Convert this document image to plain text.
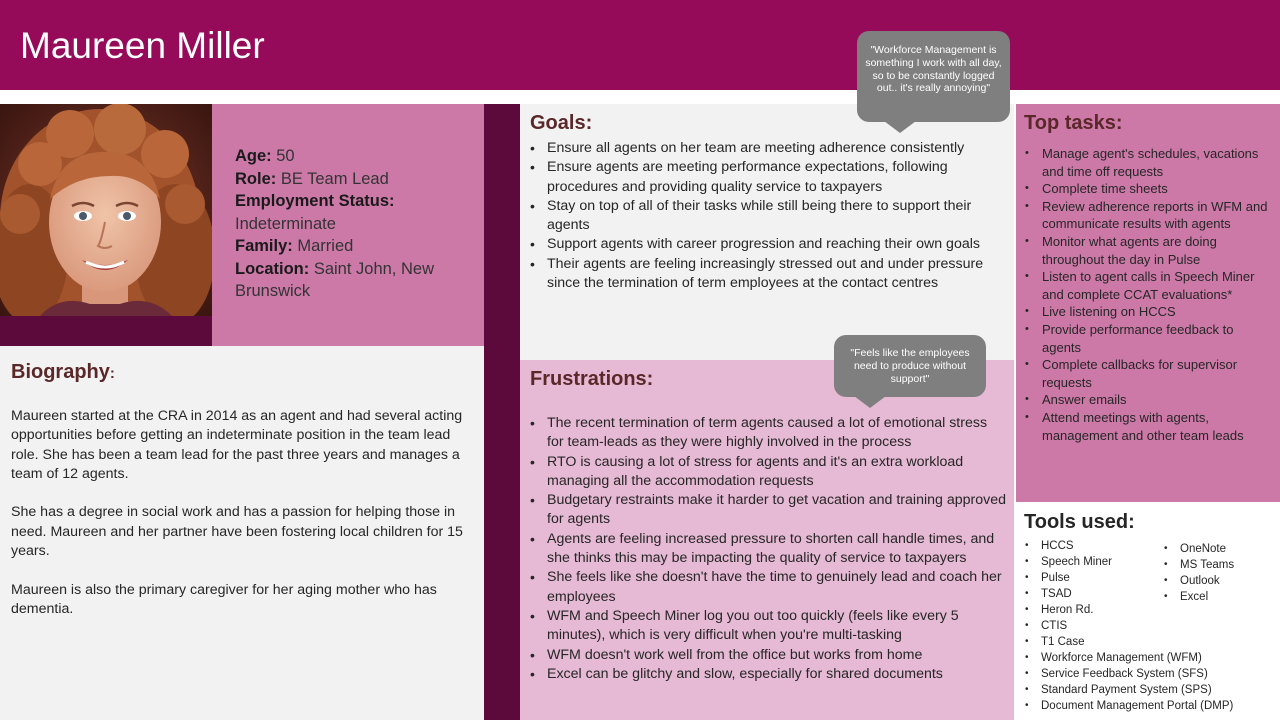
Maureen Miller
Age: 50
Role: BE Team Lead
Employment Status:
Indeterminate
Family: Married
Location: Saint John, New Brunswick
Biography:

Maureen started at the CRA in 2014 as an agent and had several acting opportunities before getting an indeterminate position in the team lead role. She has been a team lead for the past three years and manages a team of 12 agents.

She has a degree in social work and has a passion for helping those in need. Maureen and her partner have been fostering local children for 15 years.

Maureen is also the primary caregiver for her aging mother who has dementia.

Goals:
• Ensure all agents on her team are meeting adherence consistently
• Ensure agents are meeting performance expectations, following procedures and providing quality service to taxpayers
• Stay on top of all of their tasks while still being there to support their agents
• Support agents with career progression and reaching their own goals
• Their agents are feeling increasingly stressed out and under pressure since the termination of term employees at the contact centres
Frustrations:
• The recent termination of term agents caused a lot of emotional stress for team-leads as they were highly involved in the process
• RTO is causing a lot of stress for agents and it's an extra workload managing all the accommodation requests
• Budgetary restraints make it harder to get vacation and training approved for agents
• Agents are feeling increased pressure to shorten call handle times, and she thinks this may be impacting the quality of service to taxpayers
• She feels like she doesn't have the time to genuinely lead and coach her employees
• WFM and Speech Miner log you out too quickly (feels like every 5 minutes), which is very difficult when you're multi-tasking
• WFM doesn't work well from the office but works from home
• Excel can be glitchy and slow, especially for shared documents
Top tasks:
• Manage agent's schedules, vacations and time off requests
• Complete time sheets
• Review adherence reports in WFM and communicate results with agents
• Monitor what agents are doing throughout the day in Pulse
• Listen to agent calls in Speech Miner and complete CCAT evaluations*
• Live listening on HCCS
• Provide performance feedback to agents
• Complete callbacks for supervisor requests
• Answer emails
• Attend meetings with agents, management and other team leads
Tools used:
• HCCS
• Speech Miner
• Pulse
• TSAD
• Heron Rd.
• CTIS
• T1 Case
• Workforce Management (WFM)
• Service Feedback System (SFS)
• Standard Payment System (SPS)
• Document Management Portal (DMP)
• OneNote
• MS Teams
• Outlook
• Excel
"Workforce Management is something I work with all day, so to be constantly logged out.. it's really annoying"
"Feels like the employees need to produce without support"
